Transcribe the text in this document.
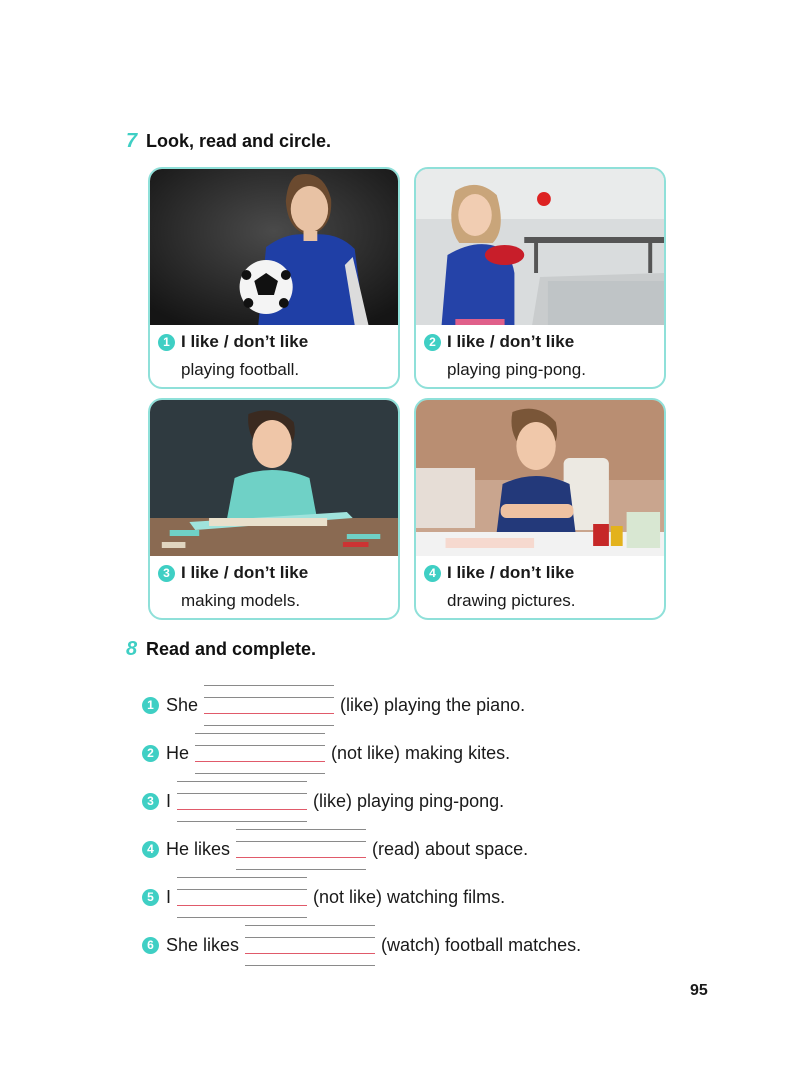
7 Look, read and circle.
1 I like / don’t like
playing football.
2 I like / don’t like
playing ping-pong.
3 I like / don’t like
making models.
4 I like / don’t like
drawing pictures.
8 Read and complete.
1 She	(like) playing the piano.
2 He	(not like) making kites.
3 I	(like) playing ping-pong.
4 He likes	(read) about space.
5 I	(not like) watching films.
6 She likes	(watch) football matches.
95
